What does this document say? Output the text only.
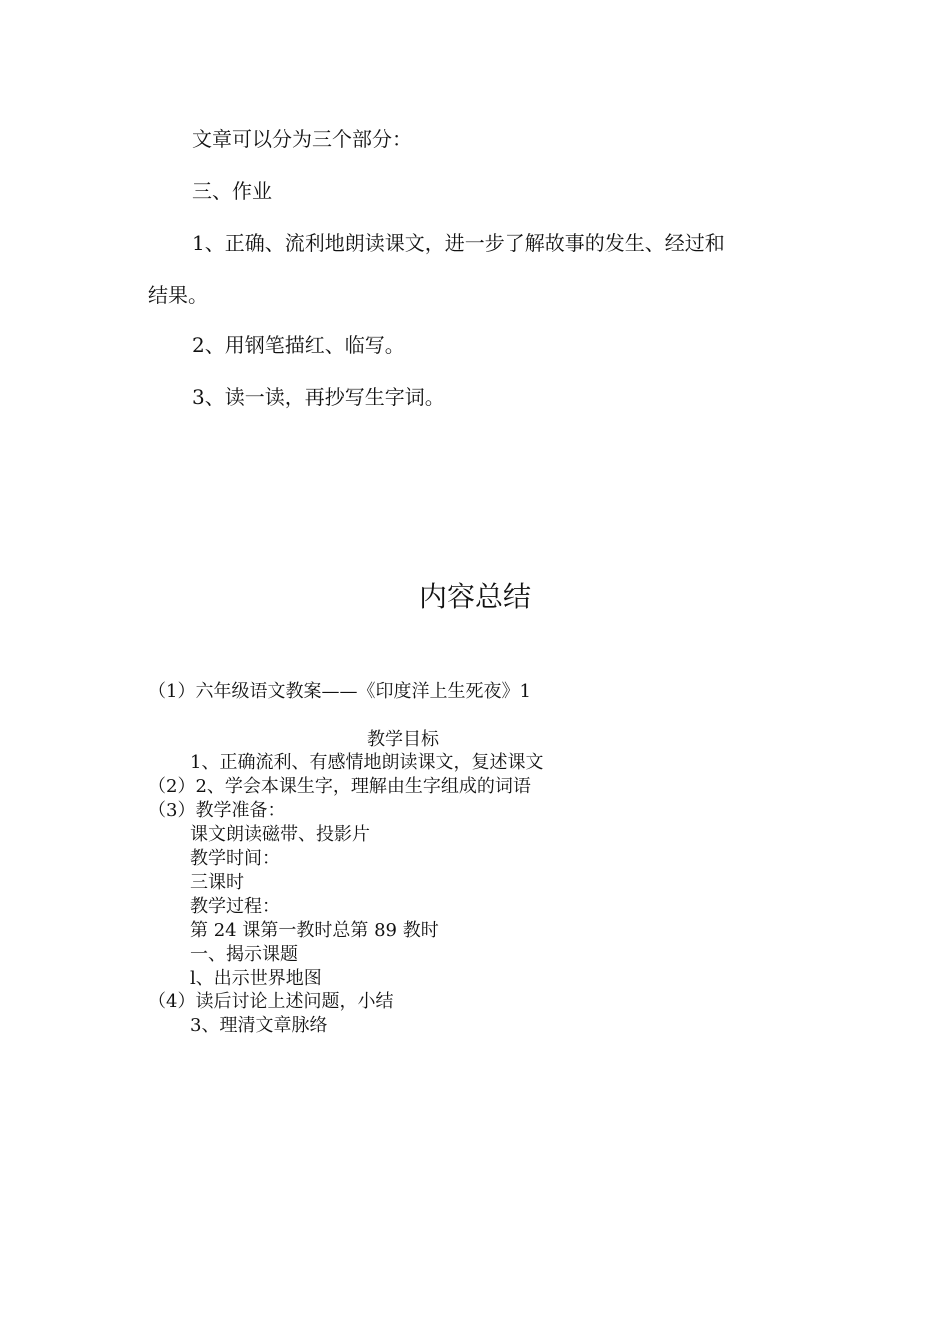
文章可以分为三个部分：
三、作业
1、正确、流利地朗读课文，进一步了解故事的发生、经过和
结果。
2、用钢笔描红、临写。
3、读一读，再抄写生字词。
内容总结
（1）六年级语文教案——《印度洋上生死夜》1
教学目标
1、正确流利、有感情地朗读课文，复述课文
（2）2、学会本课生字，理解由生字组成的词语
（3）教学准备：
课文朗读磁带、投影片
教学时间：
三课时
教学过程：
第 24 课第一教时总第 89 教时
一、揭示课题
l、出示世界地图
（4）读后讨论上述问题，小结
3、理清文章脉络
